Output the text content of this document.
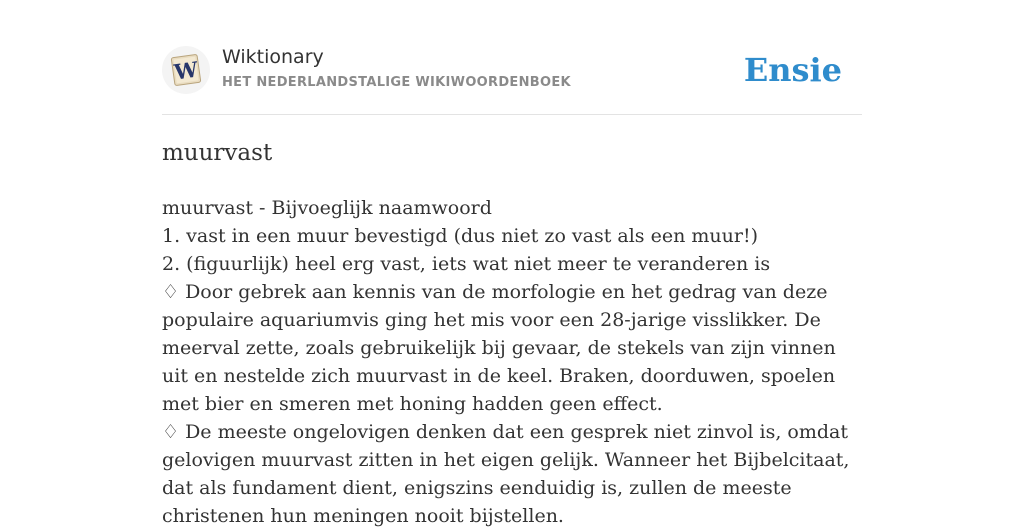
W Wiktionary
HET NEDERLANDSTALIGE WIKIWOORDENBOEK	Ensie
muurvast

muurvast - Bijvoeglijk naamwoord
1. vast in een muur bevestigd (dus niet zo vast als een muur!)
2. (figuurlijk) heel erg vast, iets wat niet meer te veranderen is
♢ Door gebrek aan kennis van de morfologie en het gedrag van deze populaire aquariumvis ging het mis voor een 28-jarige visslikker. De meerval zette, zoals gebruikelijk bij gevaar, de stekels van zijn vinnen uit en nestelde zich muurvast in de keel. Braken, doorduwen, spoelen met bier en smeren met honing hadden geen effect.
♢ De meeste ongelovigen denken dat een gesprek niet zinvol is, omdat gelovigen muurvast zitten in het eigen gelijk. Wanneer het Bijbelcitaat, dat als fundament dient, enigszins eenduidig is, zullen de meeste christenen hun meningen nooit bijstellen.
